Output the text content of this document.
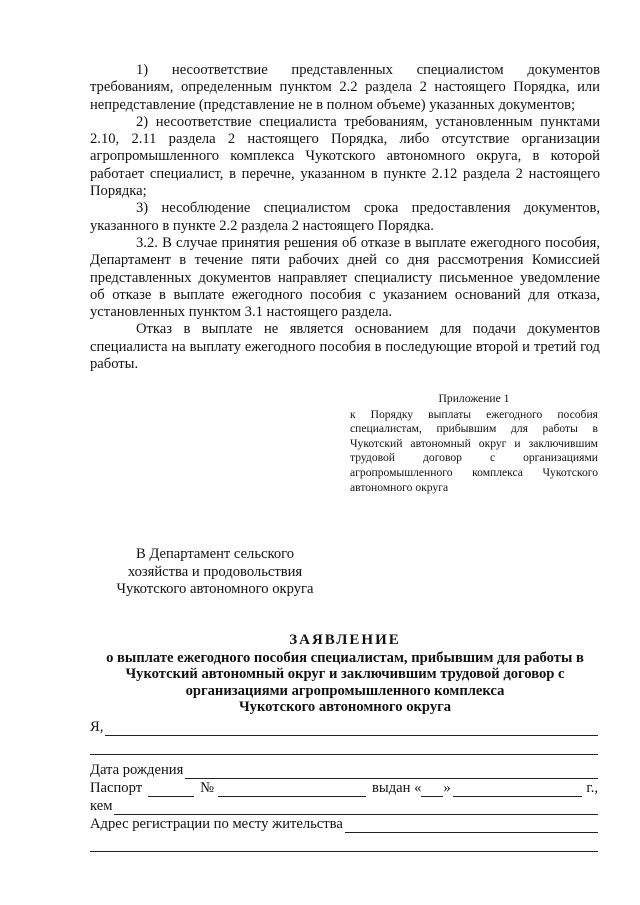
1) несоответствие представленных специалистом документов требованиям, определенным пунктом 2.2 раздела 2 настоящего Порядка, или непредставление (представление не в полном объеме) указанных документов;

2) несоответствие специалиста требованиям, установленным пунктами 2.10, 2.11 раздела 2 настоящего Порядка, либо отсутствие организации агропромышленного комплекса Чукотского автономного округа, в которой работает специалист, в перечне, указанном в пункте 2.12 раздела 2 настоящего Порядка;

3) несоблюдение специалистом срока предоставления документов, указанного в пункте 2.2 раздела 2 настоящего Порядка.

3.2. В случае принятия решения об отказе в выплате ежегодного пособия, Департамент в течение пяти рабочих дней со дня рассмотрения Комиссией представленных документов направляет специалисту письменное уведомление об отказе в выплате ежегодного пособия с указанием оснований для отказа, установленных пунктом 3.1 настоящего раздела.

Отказ в выплате не является основанием для подачи документов специалиста на выплату ежегодного пособия в последующие второй и третий год работы.

Приложение 1
к Порядку выплаты ежегодного пособия специалистам, прибывшим для работы в Чукотский автономный округ и заключившим трудовой договор с организациями агропромышленного комплекса Чукотского автономного округа
В Департамент сельского
хозяйства и продовольствия
Чукотского автономного округа
ЗАЯВЛЕНИЕ
о выплате ежегодного пособия специалистам, прибывшим для работы в
Чукотский автономный округ и заключившим трудовой договор с
организациями агропромышленного комплекса
Чукотского автономного округа
Я,
Дата рождения
Паспорт	№	выдан « »	г.,
кем
Адрес регистрации по месту жительства
